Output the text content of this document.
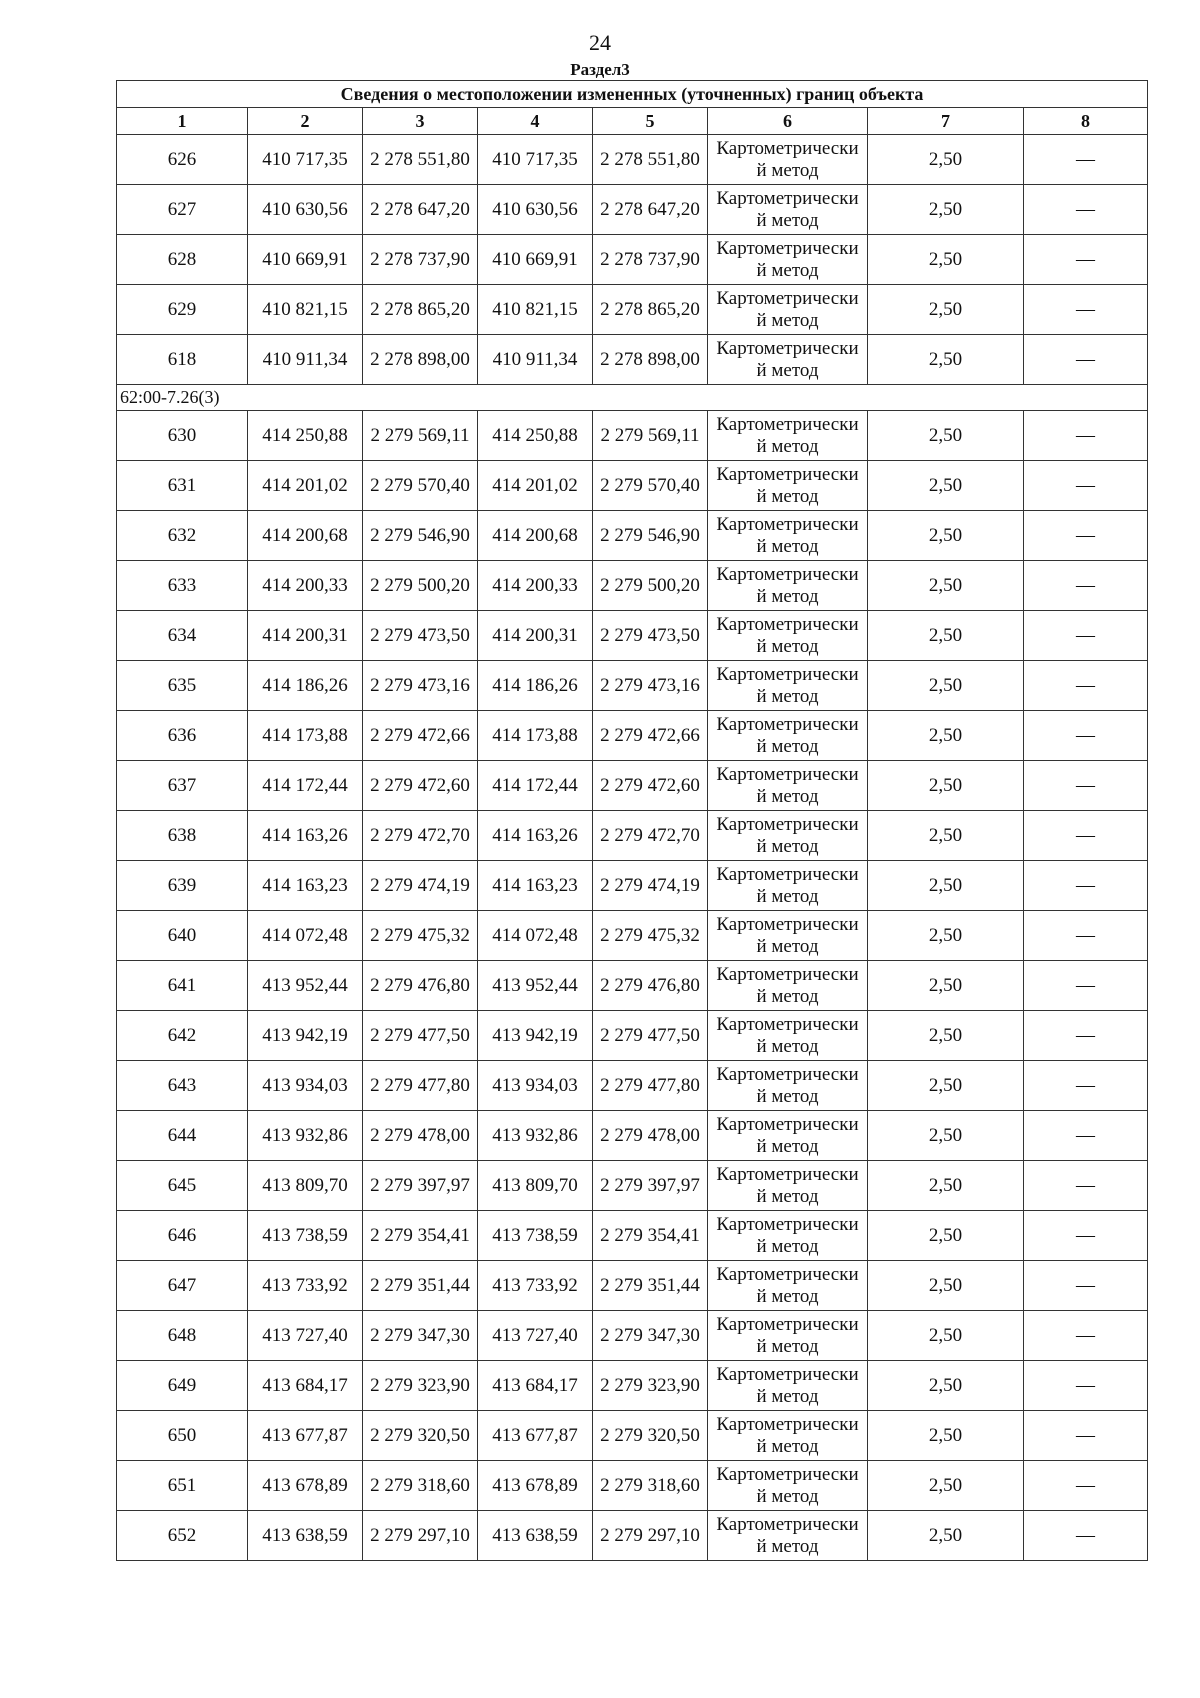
24
Раздел3
Сведения о местоположении измененных (уточненных) границ объекта							
1	2	3	4	5	6	7	8
626	410 717,35	2 278 551,80	410 717,35	2 278 551,80	Картометрически
й метод	2,50	—
627	410 630,56	2 278 647,20	410 630,56	2 278 647,20	Картометрически
й метод	2,50	—
628	410 669,91	2 278 737,90	410 669,91	2 278 737,90	Картометрически
й метод	2,50	—
629	410 821,15	2 278 865,20	410 821,15	2 278 865,20	Картометрически
й метод	2,50	—
618	410 911,34	2 278 898,00	410 911,34	2 278 898,00	Картометрически
й метод	2,50	—
62:00-7.26(3)							
630	414 250,88	2 279 569,11	414 250,88	2 279 569,11	Картометрически
й метод	2,50	—
631	414 201,02	2 279 570,40	414 201,02	2 279 570,40	Картометрически
й метод	2,50	—
632	414 200,68	2 279 546,90	414 200,68	2 279 546,90	Картометрически
й метод	2,50	—
633	414 200,33	2 279 500,20	414 200,33	2 279 500,20	Картометрически
й метод	2,50	—
634	414 200,31	2 279 473,50	414 200,31	2 279 473,50	Картометрически
й метод	2,50	—
635	414 186,26	2 279 473,16	414 186,26	2 279 473,16	Картометрически
й метод	2,50	—
636	414 173,88	2 279 472,66	414 173,88	2 279 472,66	Картометрически
й метод	2,50	—
637	414 172,44	2 279 472,60	414 172,44	2 279 472,60	Картометрически
й метод	2,50	—
638	414 163,26	2 279 472,70	414 163,26	2 279 472,70	Картометрически
й метод	2,50	—
639	414 163,23	2 279 474,19	414 163,23	2 279 474,19	Картометрически
й метод	2,50	—
640	414 072,48	2 279 475,32	414 072,48	2 279 475,32	Картометрически
й метод	2,50	—
641	413 952,44	2 279 476,80	413 952,44	2 279 476,80	Картометрически
й метод	2,50	—
642	413 942,19	2 279 477,50	413 942,19	2 279 477,50	Картометрически
й метод	2,50	—
643	413 934,03	2 279 477,80	413 934,03	2 279 477,80	Картометрически
й метод	2,50	—
644	413 932,86	2 279 478,00	413 932,86	2 279 478,00	Картометрически
й метод	2,50	—
645	413 809,70	2 279 397,97	413 809,70	2 279 397,97	Картометрически
й метод	2,50	—
646	413 738,59	2 279 354,41	413 738,59	2 279 354,41	Картометрически
й метод	2,50	—
647	413 733,92	2 279 351,44	413 733,92	2 279 351,44	Картометрически
й метод	2,50	—
648	413 727,40	2 279 347,30	413 727,40	2 279 347,30	Картометрически
й метод	2,50	—
649	413 684,17	2 279 323,90	413 684,17	2 279 323,90	Картометрически
й метод	2,50	—
650	413 677,87	2 279 320,50	413 677,87	2 279 320,50	Картометрически
й метод	2,50	—
651	413 678,89	2 279 318,60	413 678,89	2 279 318,60	Картометрически
й метод	2,50	—
652	413 638,59	2 279 297,10	413 638,59	2 279 297,10	Картометрически
й метод	2,50	—
